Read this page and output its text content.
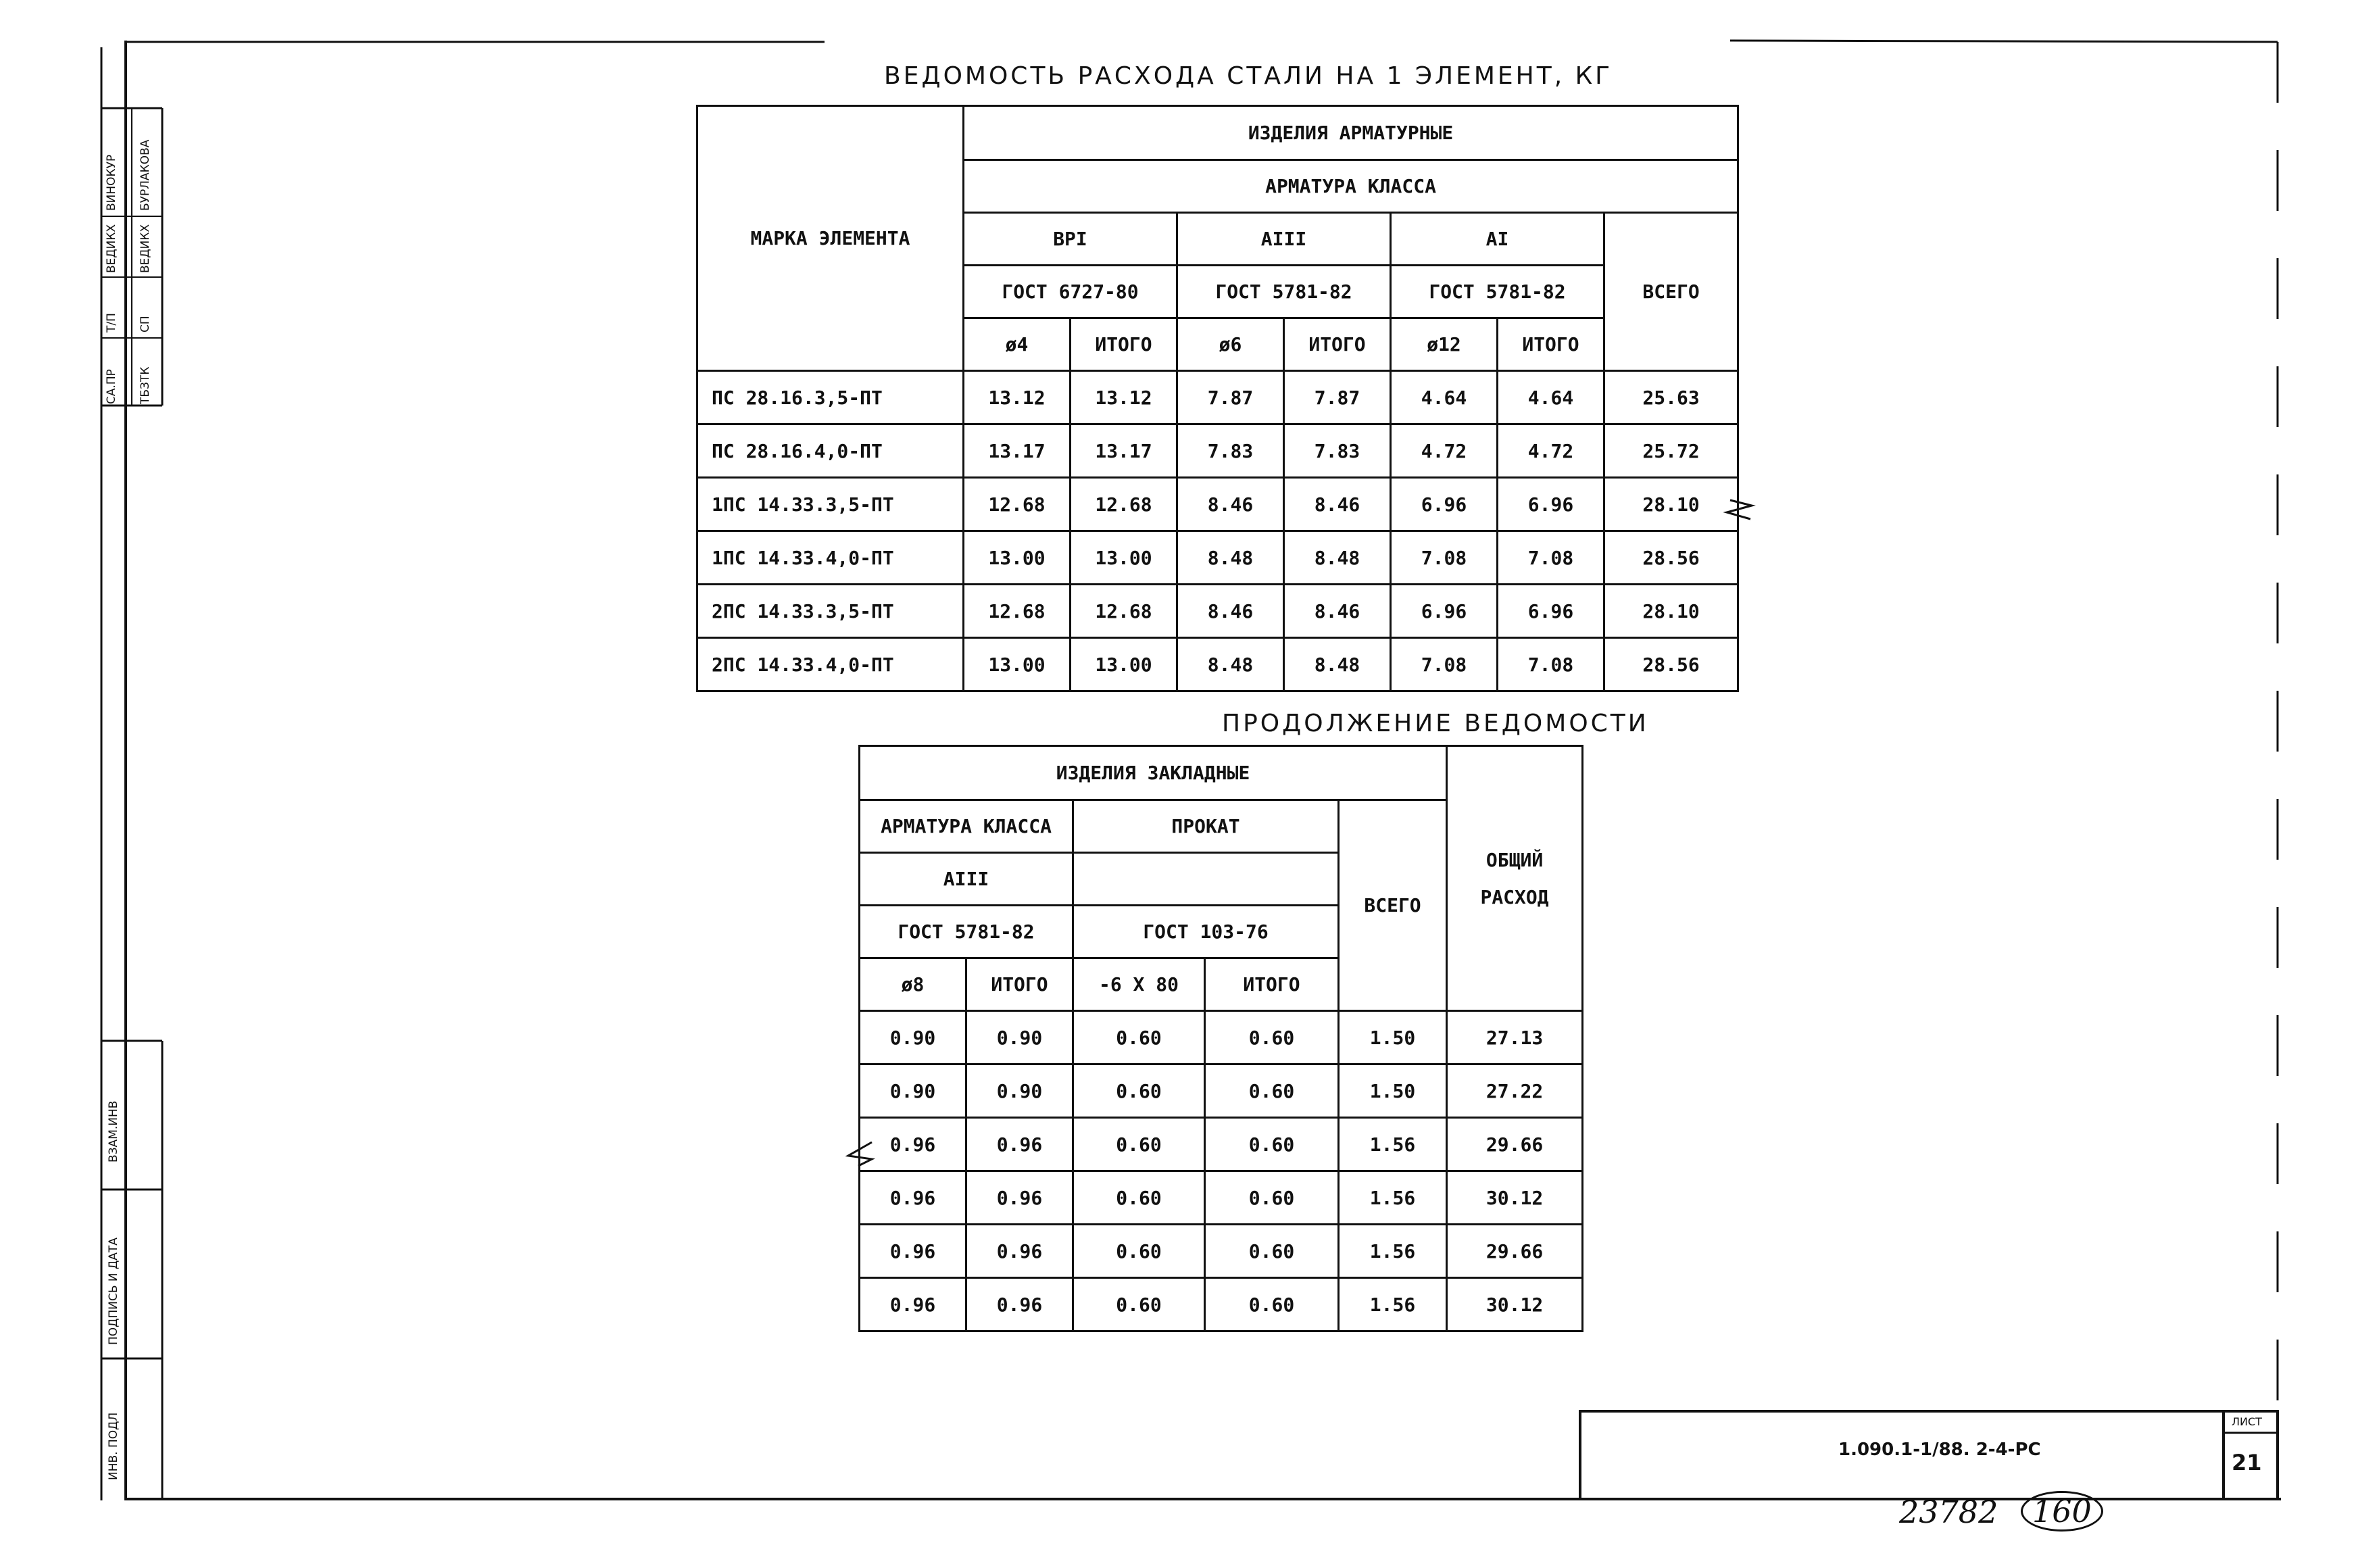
СА.ПР
Т/П
ВЕДИКХ
ВИНОКУР
ТБЗТК
СП
ВЕДИКХ
БУРЛАКОВА
ВЗАМ.ИНВ
ПОДПИСЬ И ДАТА
ИНВ. ПОДЛ
ВЕДОМОСТЬ РАСХОДА СТАЛИ НА 1 ЭЛЕМЕНТ, КГ
МАРКА ЭЛЕМЕНТА	ИЗДЕЛИЯ АРМАТУРНЫЕ						
	АРМАТУРА КЛАССА						
	ВРI		АIII		АI		ВСЕГО
	ГОСТ 6727-80		ГОСТ 5781-82		ГОСТ 5781-82		
	ø4	ИТОГО	ø6	ИТОГО	ø12	ИТОГО	
ПС 28.16.3,5-ПТ	13.12	13.12	7.87	7.87	4.64	4.64	25.63
ПС 28.16.4,0-ПТ	13.17	13.17	7.83	7.83	4.72	4.72	25.72
1ПС 14.33.3,5-ПТ	12.68	12.68	8.46	8.46	6.96	6.96	28.10
1ПС 14.33.4,0-ПТ	13.00	13.00	8.48	8.48	7.08	7.08	28.56
2ПС 14.33.3,5-ПТ	12.68	12.68	8.46	8.46	6.96	6.96	28.10
2ПС 14.33.4,0-ПТ	13.00	13.00	8.48	8.48	7.08	7.08	28.56
ПРОДОЛЖЕНИЕ ВЕДОМОСТИ
ИЗДЕЛИЯ ЗАКЛАДНЫЕ					ОБЩИЙ
РАСХОД

АРМАТУРА КЛАССА		ПРОКАТ		ВСЕГО	
АIII					
ГОСТ 5781-82		ГОСТ 103-76			
ø8	ИТОГО	-6 Х 80	ИТОГО		
0.90	0.90	0.60	0.60	1.50	27.13
0.90	0.90	0.60	0.60	1.50	27.22
0.96	0.96	0.60	0.60	1.56	29.66
0.96	0.96	0.60	0.60	1.56	30.12
0.96	0.96	0.60	0.60	1.56	29.66
0.96	0.96	0.60	0.60	1.56	30.12
1.090.1-1/88. 2-4-РС
ЛИСТ
21
23782	160
